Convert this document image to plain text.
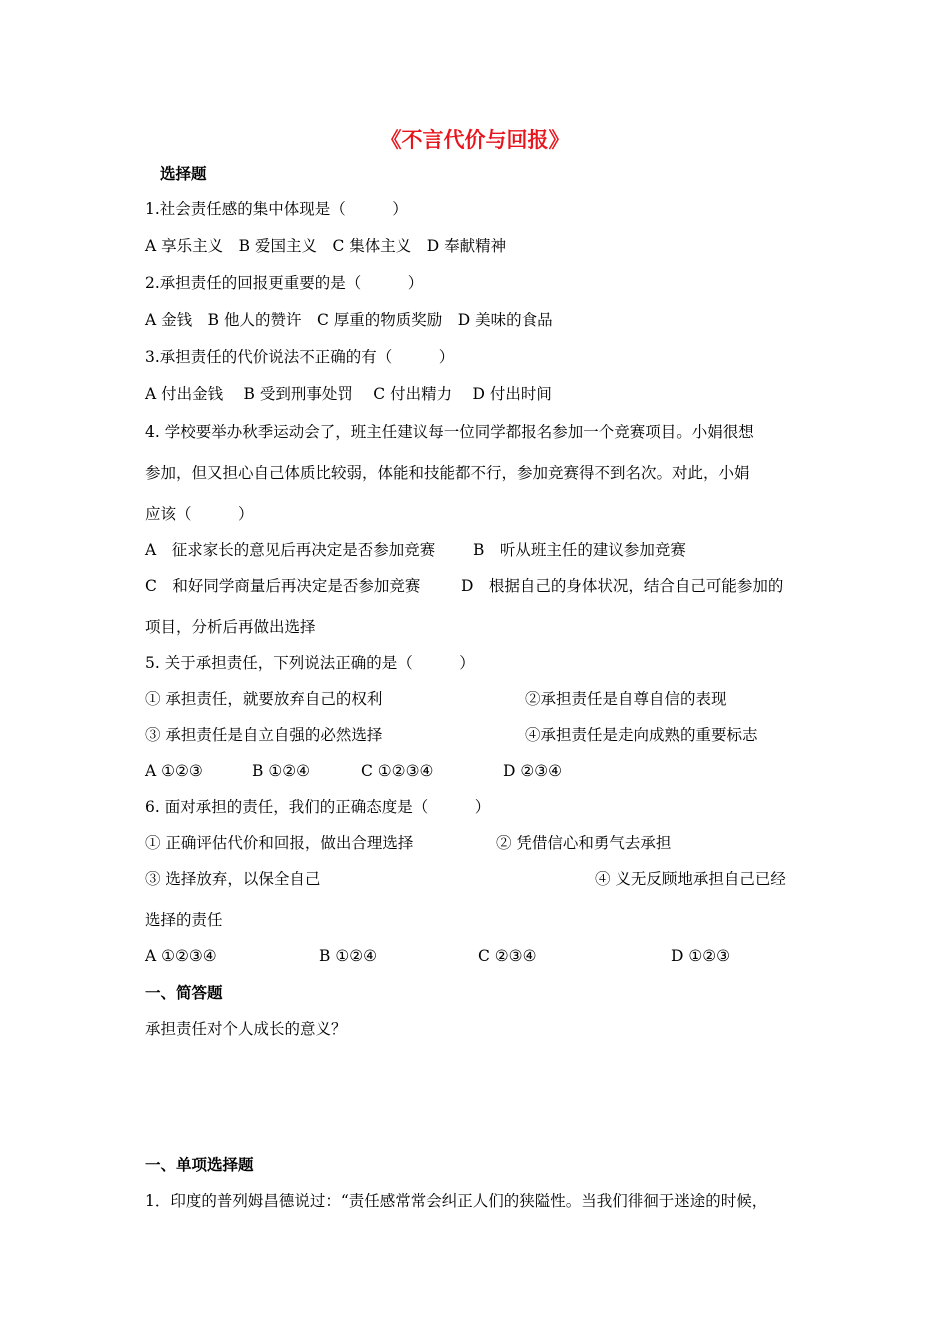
《不言代价与回报》
选择题
1.社会责任感的集中体现是（　　　）
A 享乐主义　B 爱国主义　C 集体主义　D 奉献精神
2.承担责任的回报更重要的是（　　　）
A 金钱　B 他人的赞许　C 厚重的物质奖励　D 美味的食品
3.承担责任的代价说法不正确的有（　　　）
A 付出金钱　 B 受到刑事处罚　 C 付出精力　 D 付出时间
4. 学校要举办秋季运动会了，班主任建议每一位同学都报名参加一个竞赛项目。小娟很想
参加，但又担心自己体质比较弱，体能和技能都不行，参加竞赛得不到名次。对此，小娟
应该（　　　）
A　征求家长的意见后再决定是否参加竞赛 B　听从班主任的建议参加竞赛
C　和好同学商量后再决定是否参加竞赛	D　根据自己的身体状况，结合自己可能参加的
项目，分析后再做出选择
5. 关于承担责任，下列说法正确的是（　　　）
① 承担责任，就要放弃自己的权利	②承担责任是自尊自信的表现
③ 承担责任是自立自强的必然选择	④承担责任是走向成熟的重要标志
A ①②③	B ①②④	C ①②③④	D ②③④
6. 面对承担的责任，我们的正确态度是（　　　）
① 正确评估代价和回报，做出合理选择	② 凭借信心和勇气去承担
③ 选择放弃，以保全自己	④ 义无反顾地承担自己已经
选择的责任
A ①②③④	B ①②④	C ②③④	D ①②③
一、简答题
承担责任对个人成长的意义？
一、单项选择题
1．印度的普列姆昌德说过：“责任感常常会纠正人们的狭隘性。当我们徘徊于迷途的时候，
